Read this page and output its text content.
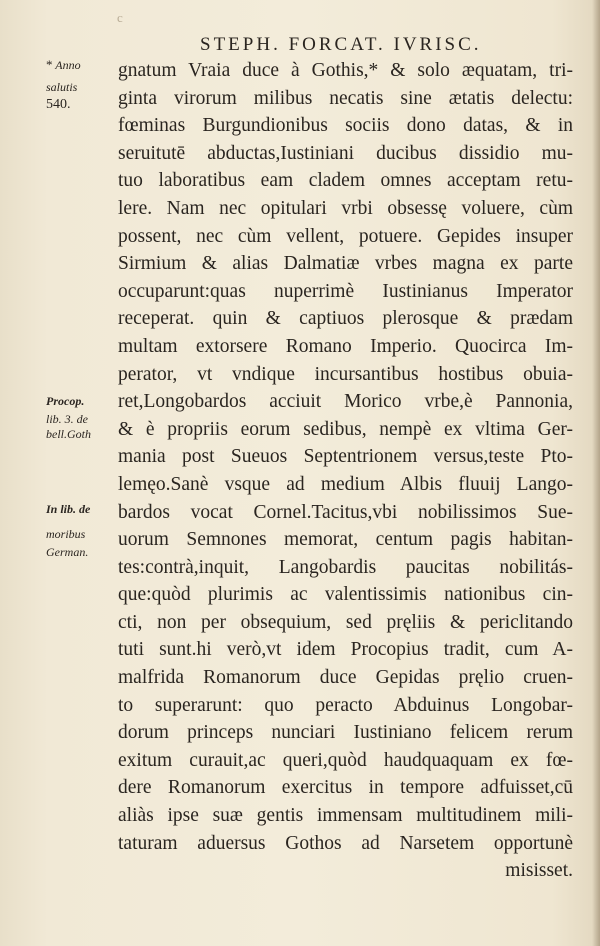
c
STEPH. FORCAT. IVRISC.
* Anno
salutis
540.
Procop.
lib. 3. de
bell.Goth
In lib. de
moribus
German.
gnatum Vraia duce à Gothis,* & solo æquatam, tri-
ginta virorum milibus necatis sine ætatis delectu:
fœminas Burgundionibus sociis dono datas, & in
seruitutē abductas,Iustiniani ducibus dissidio mu-
tuo laboratibus eam cladem omnes acceptam retu-
lere. Nam nec opitulari vrbi obsessę voluere, cùm
possent, nec cùm vellent, potuere. Gepides insuper
Sirmium & alias Dalmatiæ vrbes magna ex parte
occuparunt:quas nuperrimè Iustinianus Imperator
receperat. quin & captiuos plerosque & prædam
multam extorsere Romano Imperio. Quocirca Im-
perator, vt vndique incursantibus hostibus obuia-
ret,Longobardos acciuit Morico vrbe,è Pannonia,
& è propriis eorum sedibus, nempè ex vltima Ger-
mania post Sueuos Septentrionem versus,teste Pto-
lemęo.Sanè vsque ad medium Albis fluuij Lango-
bardos vocat Cornel.Tacitus,vbi nobilissimos Sue-
uorum Semnones memorat, centum pagis habitan-
tes:contrà,inquit, Langobardis paucitas nobilitás-
que:quòd plurimis ac valentissimis nationibus cin-
cti, non per obsequium, sed pręliis & periclitando
tuti sunt.hi verò,vt idem Procopius tradit, cum A-
malfrida Romanorum duce Gepidas pręlio cruen-
to superarunt: quo peracto Abduinus Longobar-
dorum princeps nunciari Iustiniano felicem rerum
exitum curauit,ac queri,quòd haudquaquam ex fœ-
dere Romanorum exercitus in tempore adfuisset,cū
aliàs ipse suæ gentis immensam multitudinem mili-
taturam aduersus Gothos ad Narsetem opportunè
misisset.
